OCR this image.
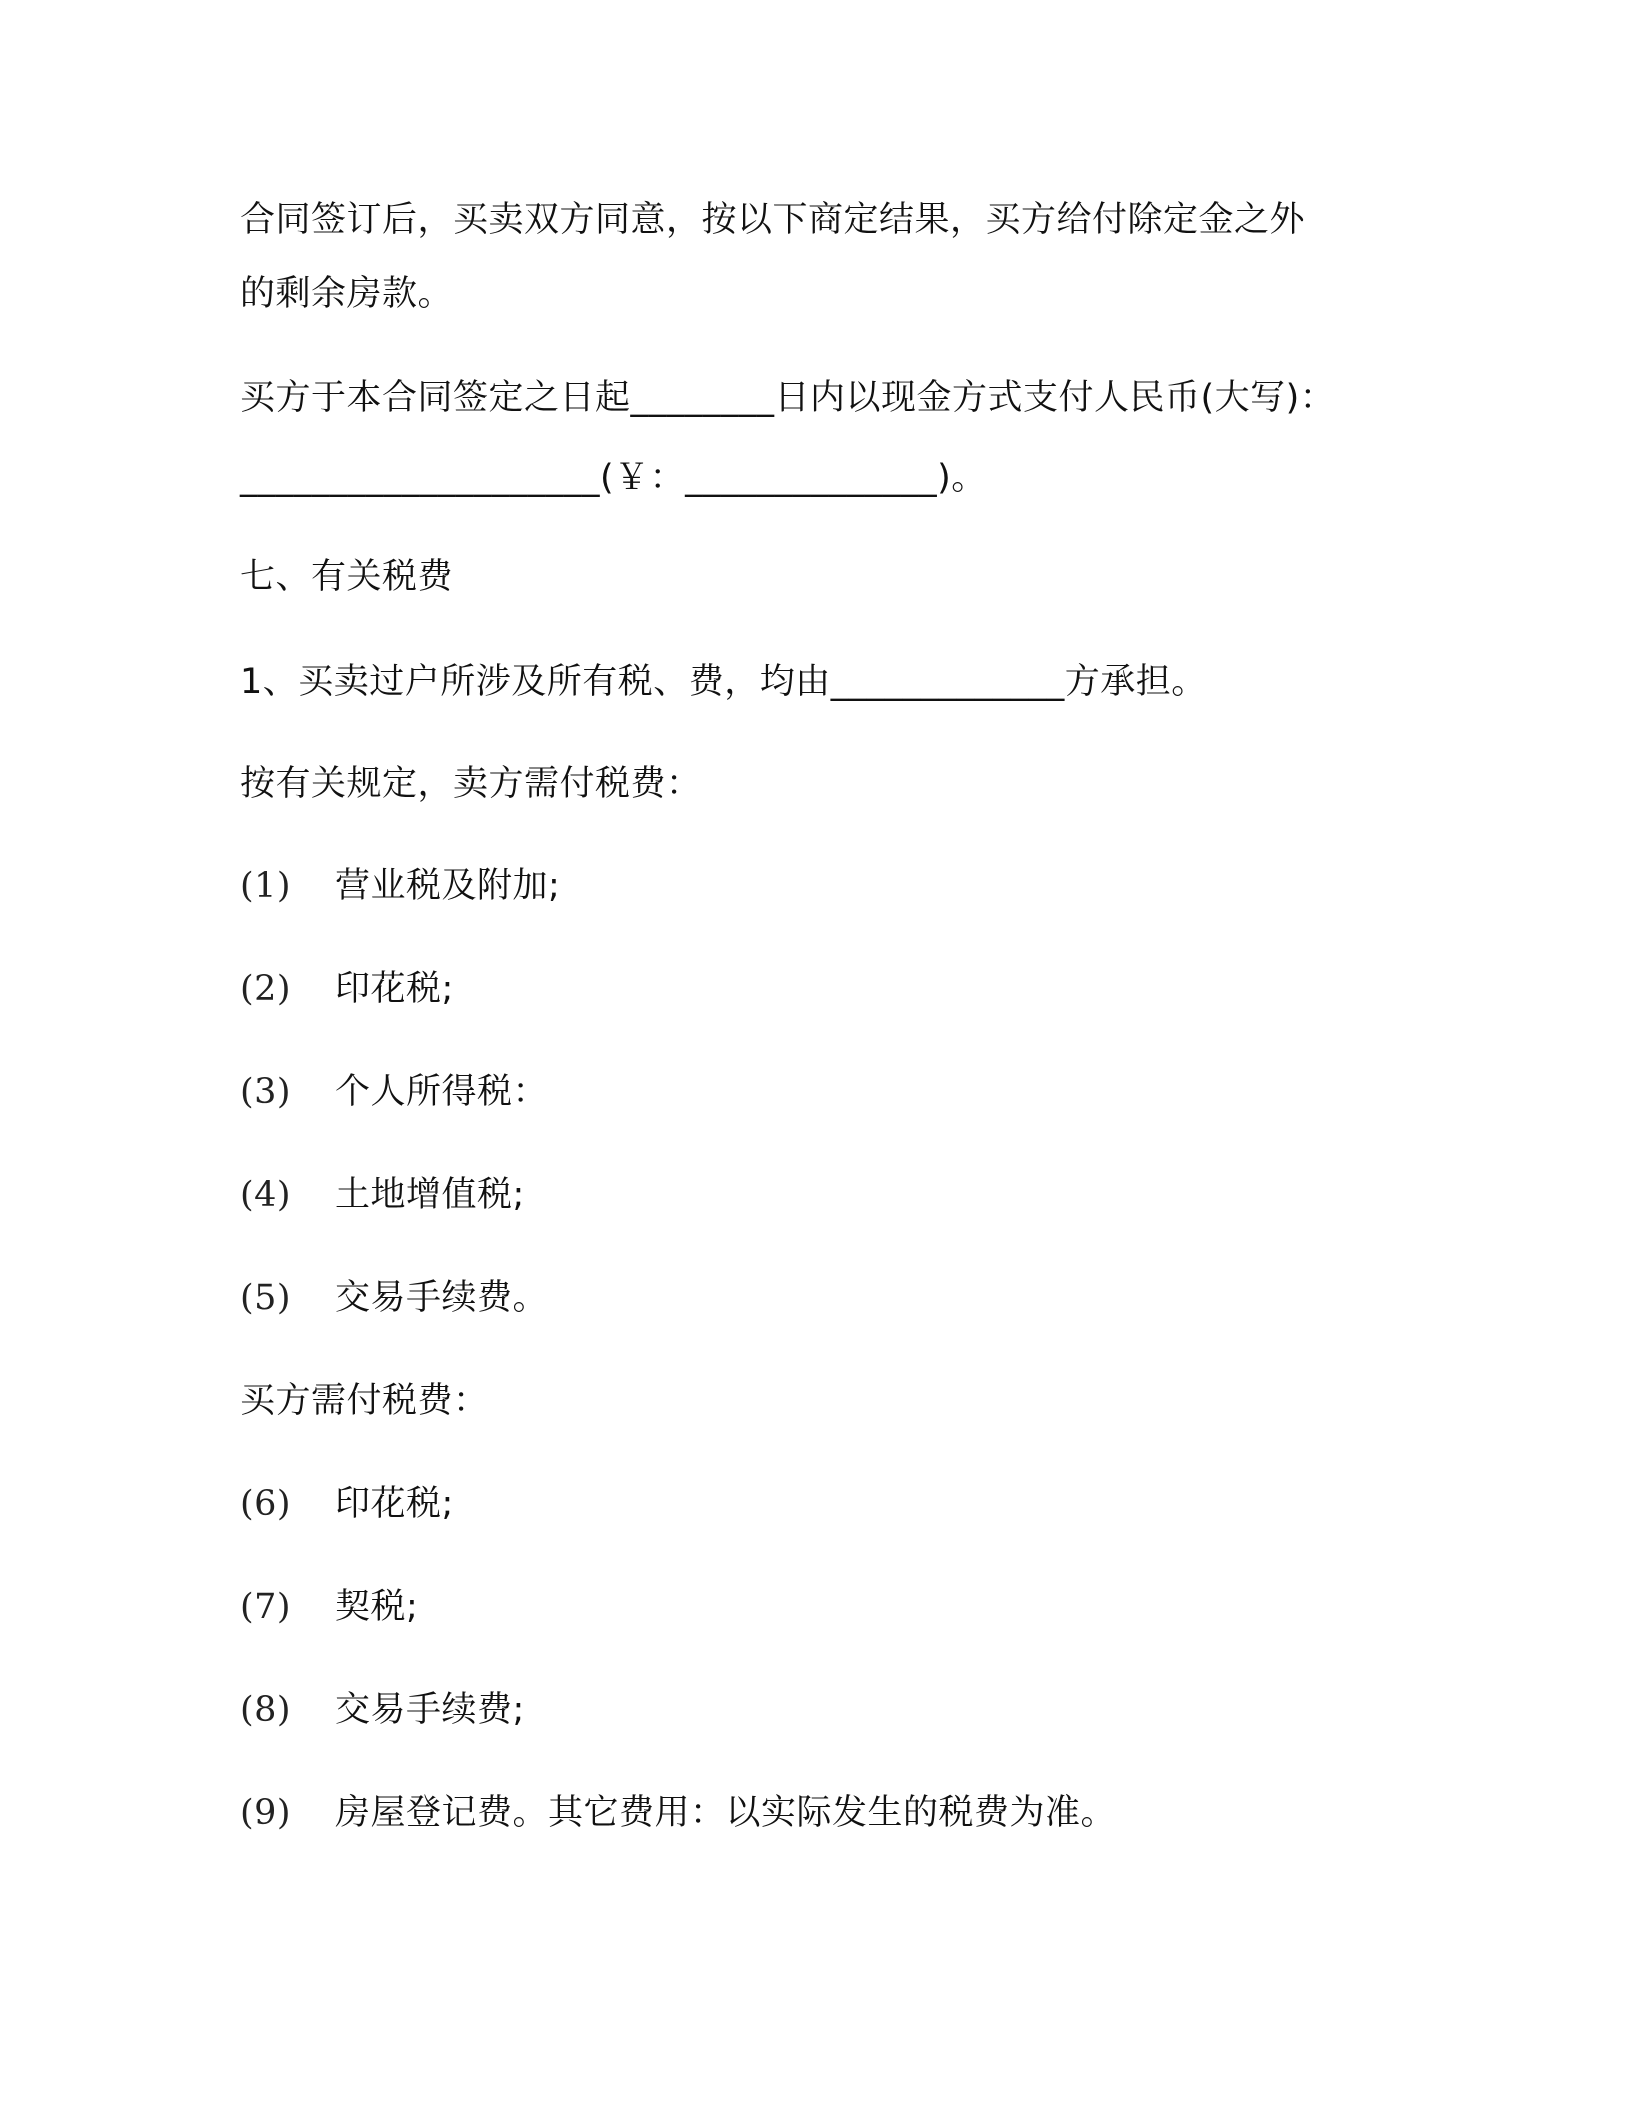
合同签订后，买卖双方同意，按以下商定结果，买方给付除定金之外
的剩余房款。
买方于本合同签定之日起________日内以现金方式支付人民币(大写)：
____________________(￥：______________)。
七、有关税费
1、买卖过户所涉及所有税、费，均由_____________方承担。
按有关规定，卖方需付税费：
(1) 营业税及附加;
(2) 印花税;
(3) 个人所得税：
(4) 土地增值税;
(5) 交易手续费。
买方需付税费：
(6) 印花税;
(7) 契税;
(8) 交易手续费;
(9) 房屋登记费。其它费用：以实际发生的税费为准。
